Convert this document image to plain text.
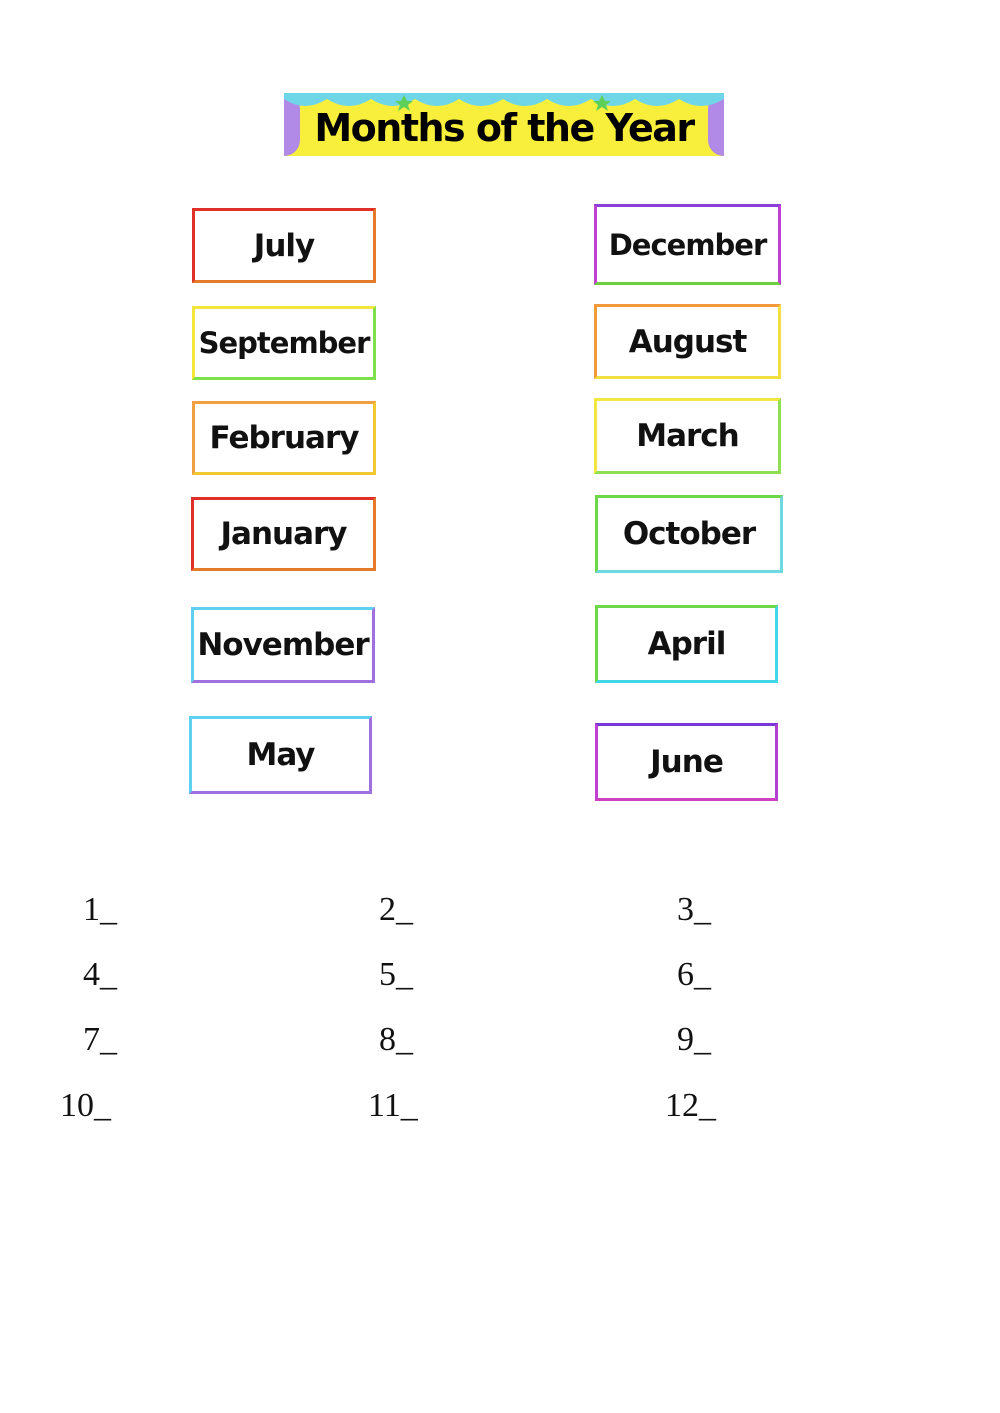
Months of the Year
July
September
February
January
November
May
December
August
March
October
April
June
1_	2_	3_
4_	5_	6_
7_	8_	9_
10_	11_	12_
